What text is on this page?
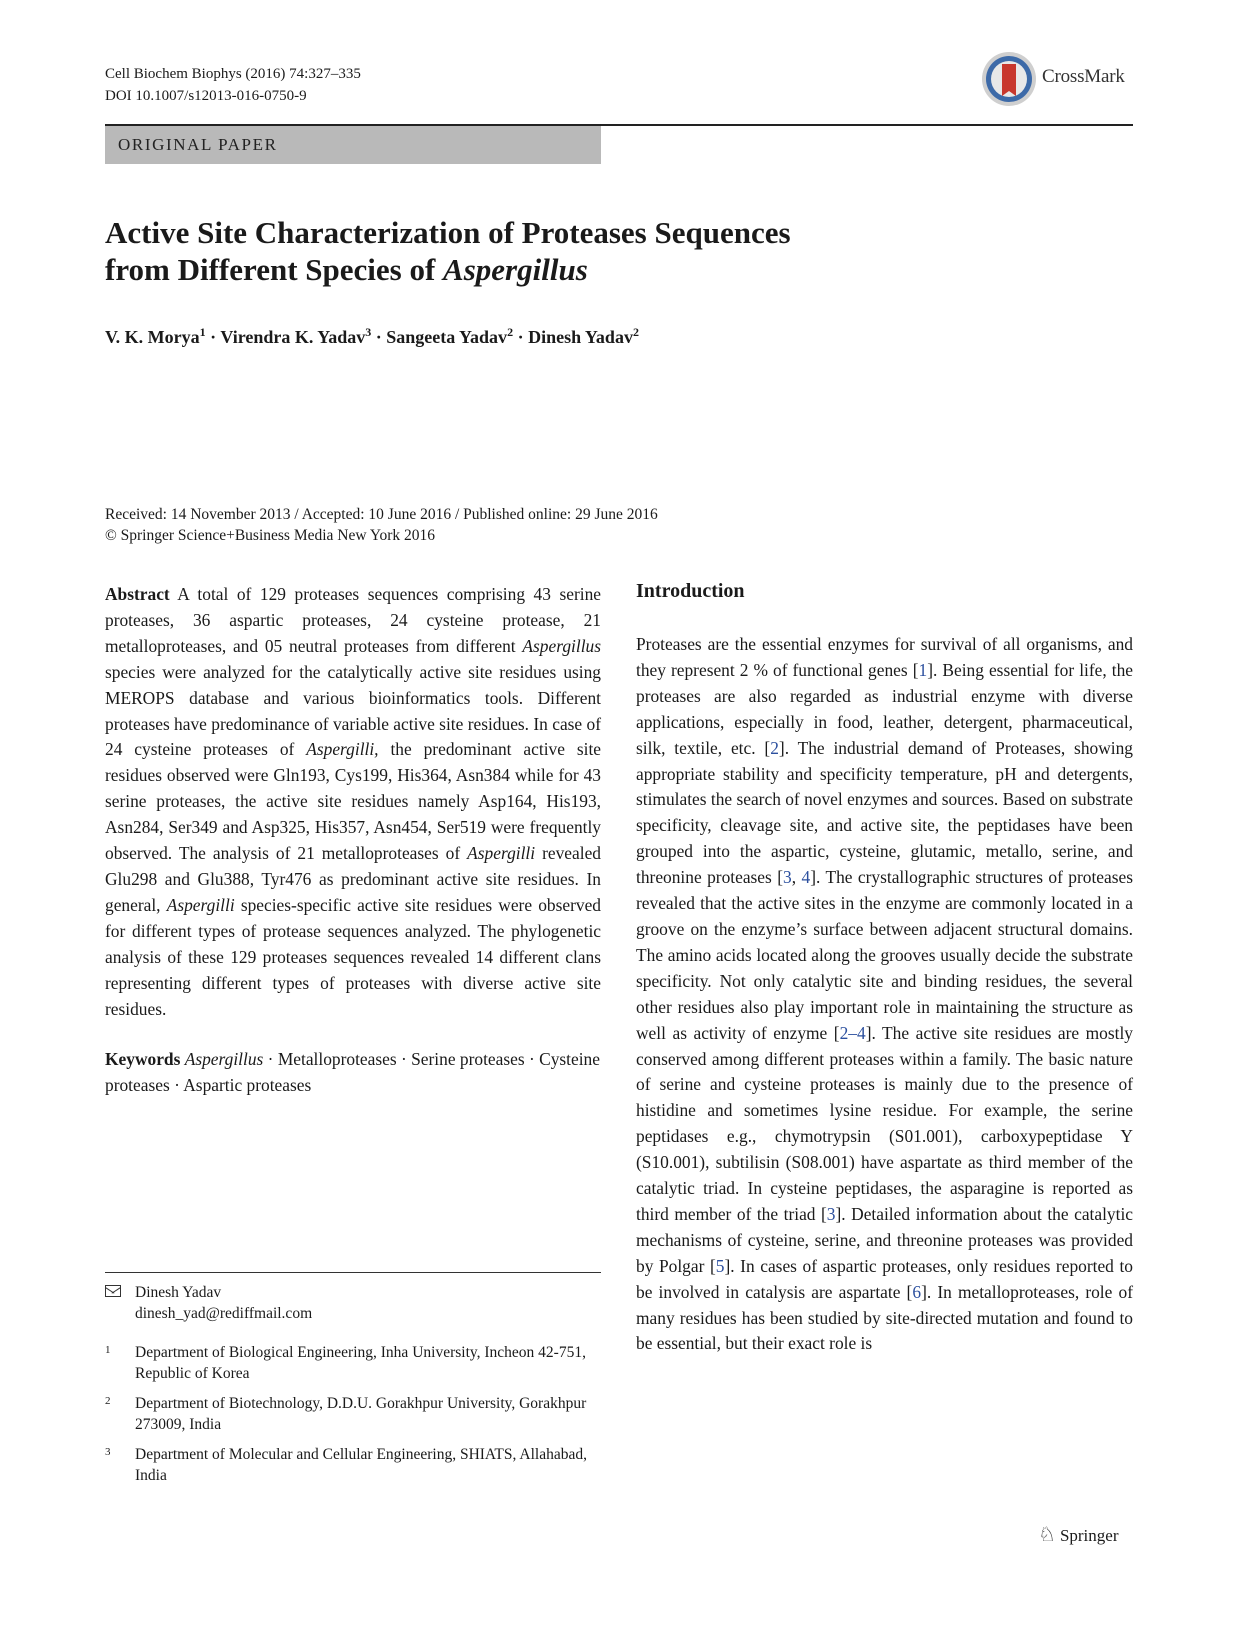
Cell Biochem Biophys (2016) 74:327–335
DOI 10.1007/s12013-016-0750-9
CrossMark
ORIGINAL PAPER
Active Site Characterization of Proteases Sequences
from Different Species of Aspergillus
V. K. Morya$^1$ · Virendra K. Yadav$^3$ · Sangeeta Yadav$^2$ · Dinesh Yadav$^2$
Received: 14 November 2013 / Accepted: 10 June 2016 / Published online: 29 June 2016
© Springer Science+Business Media New York 2016

Abstract A total of 129 proteases sequences comprising 43 serine proteases, 36 aspartic proteases, 24 cysteine protease, 21 metalloproteases, and 05 neutral proteases from different Aspergillus species were analyzed for the catalytically active site residues using MEROPS database and various bioinformatics tools. Different proteases have predominance of variable active site residues. In case of 24 cysteine proteases of Aspergilli, the predominant active site residues observed were Gln193, Cys199, His364, Asn384 while for 43 serine proteases, the active site residues namely Asp164, His193, Asn284, Ser349 and Asp325, His357, Asn454, Ser519 were frequently observed. The analysis of 21 metalloproteases of Aspergilli revealed Glu298 and Glu388, Tyr476 as predominant active site residues. In general, Aspergilli species-specific active site residues were observed for different types of protease sequences analyzed. The phylogenetic analysis of these 129 proteases sequences revealed 14 different clans representing different types of proteases with diverse active site residues.

Keywords Aspergillus · Metalloproteases · Serine proteases · Cysteine proteases · Aspartic proteases

Dinesh Yadav
dinesh_yad@rediffmail.com
1 Department of Biological Engineering, Inha University, Incheon 42-751, Republic of Korea
2 Department of Biotechnology, D.D.U. Gorakhpur University, Gorakhpur 273009, India
3 Department of Molecular and Cellular Engineering, SHIATS, Allahabad, India
Introduction
Proteases are the essential enzymes for survival of all organisms, and they represent 2 % of functional genes [1]. Being essential for life, the proteases are also regarded as industrial enzyme with diverse applications, especially in food, leather, detergent, pharmaceutical, silk, textile, etc. [2]. The industrial demand of Proteases, showing appropriate stability and specificity temperature, pH and detergents, stimulates the search of novel enzymes and sources. Based on substrate specificity, cleavage site, and active site, the peptidases have been grouped into the aspartic, cysteine, glutamic, metallo, serine, and threonine proteases [3, 4]. The crystallographic structures of proteases revealed that the active sites in the enzyme are commonly located in a groove on the enzyme’s surface between adjacent structural domains. The amino acids located along the grooves usually decide the substrate specificity. Not only catalytic site and binding residues, the several other residues also play important role in maintaining the structure as well as activity of enzyme [2–4]. The active site residues are mostly conserved among different proteases within a family. The basic nature of serine and cysteine proteases is mainly due to the presence of histidine and sometimes lysine residue. For example, the serine peptidases e.g., chymotrypsin (S01.001), carboxypeptidase Y (S10.001), subtilisin (S08.001) have aspartate as third member of the catalytic triad. In cysteine peptidases, the asparagine is reported as third member of the triad [3]. Detailed information about the catalytic mechanisms of cysteine, serine, and threonine proteases was provided by Polgar [5]. In cases of aspartic proteases, only residues reported to be involved in catalysis are aspartate [6]. In metalloproteases, role of many residues has been studied by site-directed mutation and found to be essential, but their exact role is
♘ Springer
